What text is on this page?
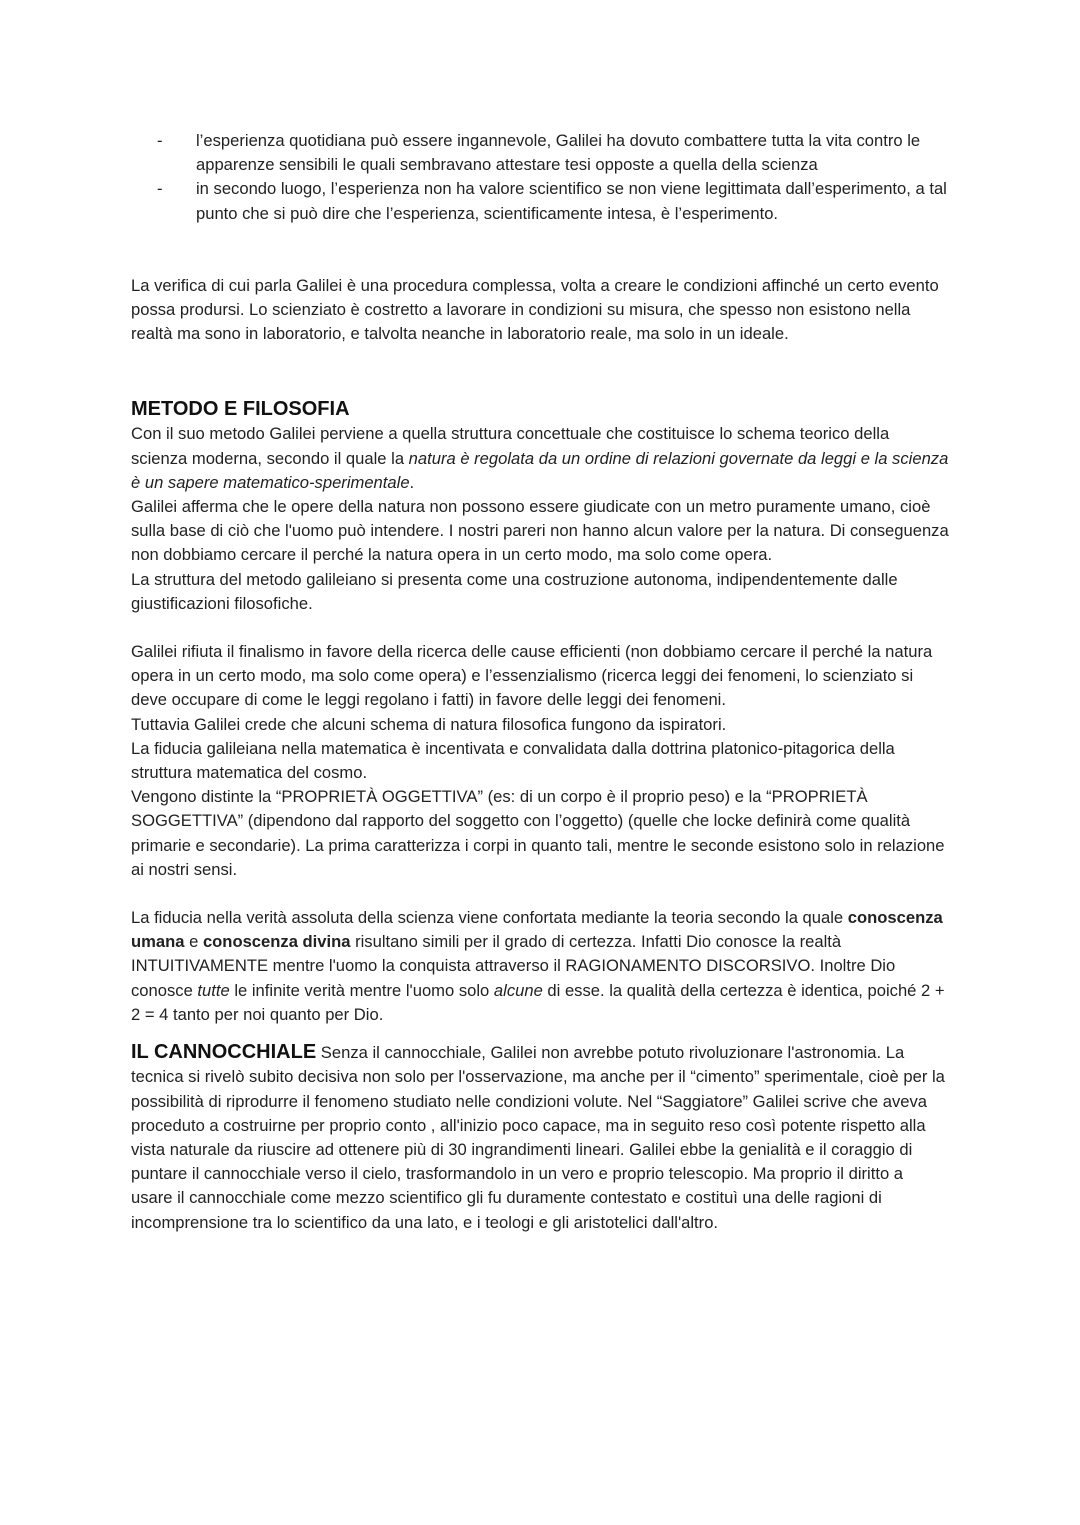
- l’esperienza quotidiana può essere ingannevole, Galilei ha dovuto combattere tutta la vita contro le apparenze sensibili le quali sembravano attestare tesi opposte a quella della scienza
- in secondo luogo, l’esperienza non ha valore scientifico se non viene legittimata dall’esperimento, a tal punto che si può dire che l’esperienza, scientificamente intesa, è l’esperimento.

La verifica di cui parla Galilei è una procedura complessa, volta a creare le condizioni affinché un certo evento possa prodursi. Lo scienziato è costretto a lavorare in condizioni su misura, che spesso non esistono nella realtà ma sono in laboratorio, e talvolta neanche in laboratorio reale, ma solo in un ideale.

METODO E FILOSOFIA

Con il suo metodo Galilei perviene a quella struttura concettuale che costituisce lo schema teorico della scienza moderna, secondo il quale la natura è regolata da un ordine di relazioni governate da leggi e la scienza è un sapere matematico-sperimentale.

Galilei afferma che le opere della natura non possono essere giudicate con un metro puramente umano, cioè sulla base di ciò che l'uomo può intendere. I nostri pareri non hanno alcun valore per la natura. Di conseguenza non dobbiamo cercare il perché la natura opera in un certo modo, ma solo come opera.

La struttura del metodo galileiano si presenta come una costruzione autonoma, indipendentemente dalle giustificazioni filosofiche.

Galilei rifiuta il finalismo in favore della ricerca delle cause efficienti (non dobbiamo cercare il perché la natura opera in un certo modo, ma solo come opera) e l’essenzialismo (ricerca leggi dei fenomeni, lo scienziato si deve occupare di come le leggi regolano i fatti) in favore delle leggi dei fenomeni.

Tuttavia Galilei crede che alcuni schema di natura filosofica fungono da ispiratori.

La fiducia galileiana nella matematica è incentivata e convalidata dalla dottrina platonico-pitagorica della struttura matematica del cosmo.

Vengono distinte la “PROPRIETÀ OGGETTIVA” (es: di un corpo è il proprio peso) e la “PROPRIETÀ SOGGETTIVA” (dipendono dal rapporto del soggetto con l’oggetto) (quelle che locke definirà come qualità primarie e secondarie). La prima caratterizza i corpi in quanto tali, mentre le seconde esistono solo in relazione ai nostri sensi.

La fiducia nella verità assoluta della scienza viene confortata mediante la teoria secondo la quale conoscenza umana e conoscenza divina risultano simili per il grado di certezza. Infatti Dio conosce la realtà INTUITIVAMENTE mentre l'uomo la conquista attraverso il RAGIONAMENTO DISCORSIVO. Inoltre Dio conosce tutte le infinite verità mentre l'uomo solo alcune di esse. la qualità della certezza è identica, poiché 2 + 2 = 4 tanto per noi quanto per Dio.

IL CANNOCCHIALE Senza il cannocchiale, Galilei non avrebbe potuto rivoluzionare l'astronomia. La tecnica si rivelò subito decisiva non solo per l'osservazione, ma anche per il “cimento” sperimentale, cioè per la possibilità di riprodurre il fenomeno studiato nelle condizioni volute. Nel “Saggiatore” Galilei scrive che aveva proceduto a costruirne per proprio conto , all'inizio poco capace, ma in seguito reso così potente rispetto alla vista naturale da riuscire ad ottenere più di 30 ingrandimenti lineari. Galilei ebbe la genialità e il coraggio di puntare il cannocchiale verso il cielo, trasformandolo in un vero e proprio telescopio. Ma proprio il diritto a usare il cannocchiale come mezzo scientifico gli fu duramente contestato e costituì una delle ragioni di incomprensione tra lo scientifico da una lato, e i teologi e gli aristotelici dall'altro.
